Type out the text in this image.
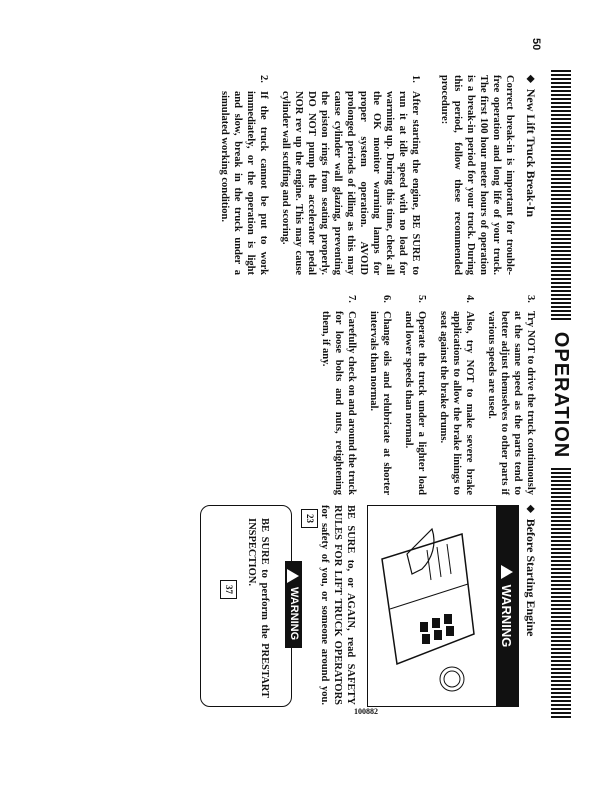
50
OPERATION
◆
New Lift Truck Break-In

Correct break-in is important for trouble-free operation and long life of your truck. The first 100 hour meter hours of operation is a break-in period for your truck. During this period, follow these recommended procedure:

1.
After starting the engine, BE SURE to run it at idle speed with no load for warming up. During this time, check all the OK monitor warning lamps for proper system operation. AVOID prolonged periods of idling as this may cause cylinder wall glazing, preventing the piston rings from seating properly. DO NOT pump the accelerator pedal NOR rev up the engine. This may cause cylinder wall scuffing and scoring.
2.
If the truck cannot be put to work immediately, or the operation is light and slow, break in the truck under a simulated working condition.
3.
Try NOT to drive the truck continuously at the same speed as the parts tend to better adjust themselves to other parts if various speeds are used.
4.
Also, try NOT to make severe brake applications to allow the brake linings to seat against the brake drums.
5.
Operate the truck under a lighter load and lower speeds than normal.
6.
Change oils and relubricate at shorter intervals than normal.
7.
Carefully check on and around the truck for loose bolts and nuts, retightening them, if any.
◆
Before Starting Engine
WARNING
100882
BE SURE to, or AGAIN, read SAFETY RULES FOR LIFT TRUCK OPERATORS for safety of you, or someone around you. 23
WARNING
BE SURE to perform the PRESTART INSPECTION.
37
